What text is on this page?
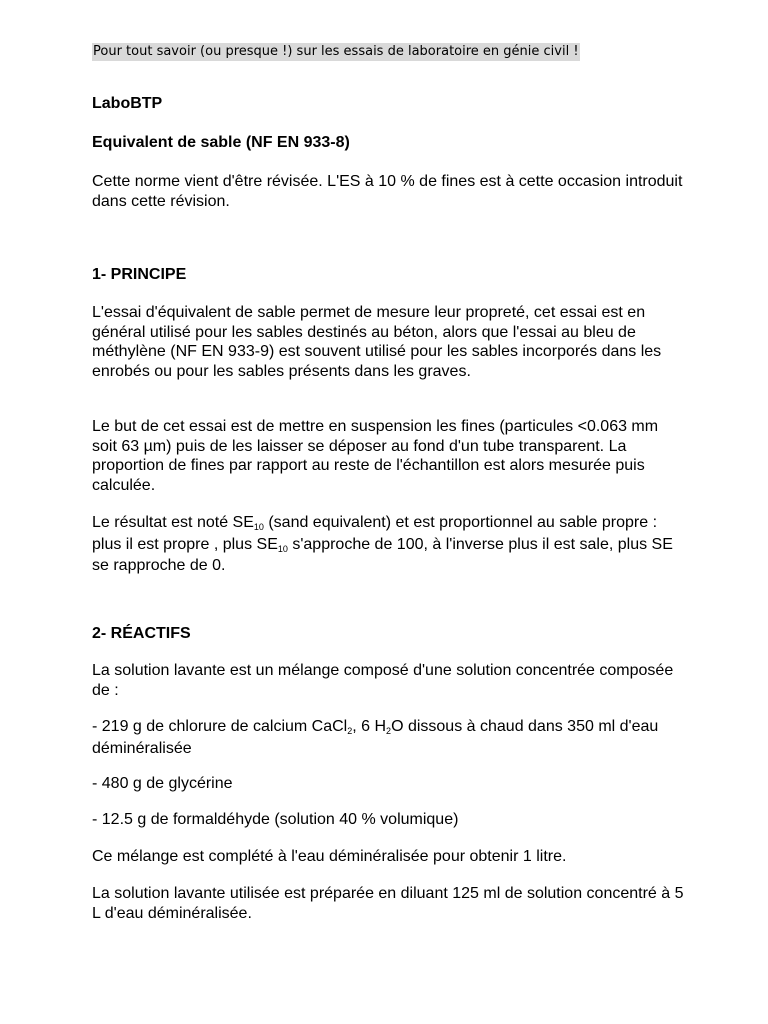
Pour tout savoir (ou presque !) sur les essais de laboratoire en génie civil !
LaboBTP
Equivalent de sable (NF EN 933-8)

Cette norme vient d'être révisée. L'ES à 10 % de fines est à cette occasion introduit dans cette révision.

1- PRINCIPE

L'essai d'équivalent de sable permet de mesure leur propreté, cet essai est en général utilisé pour les sables destinés au béton, alors que l'essai au bleu de méthylène (NF EN 933-9) est souvent utilisé pour les sables incorporés dans les enrobés ou pour les sables présents dans les graves.

Le but de cet essai est de mettre en suspension les fines (particules <0.063 mm soit 63 µm) puis de les laisser se déposer au fond d'un tube transparent. La proportion de fines par rapport au reste de l'échantillon est alors mesurée puis calculée.

Le résultat est noté $SE_{10}$ (sand equivalent) et est proportionnel au sable propre : plus il est propre , plus $SE_{10}$ s'approche de 100, à l'inverse plus il est sale, plus SE se rapproche de 0.

2- RÉACTIFS

La solution lavante est un mélange composé d'une solution concentrée composée de :

- 219 g de chlorure de calcium CaCl$_2$, 6 $H_2O$ dissous à chaud dans 350 ml d'eau déminéralisée

- 480 g de glycérine

- 12.5 g de formaldéhyde (solution 40 % volumique)

Ce mélange est complété à l'eau déminéralisée pour obtenir 1 litre.

La solution lavante utilisée est préparée en diluant 125 ml de solution concentré à 5 L d'eau déminéralisée.
